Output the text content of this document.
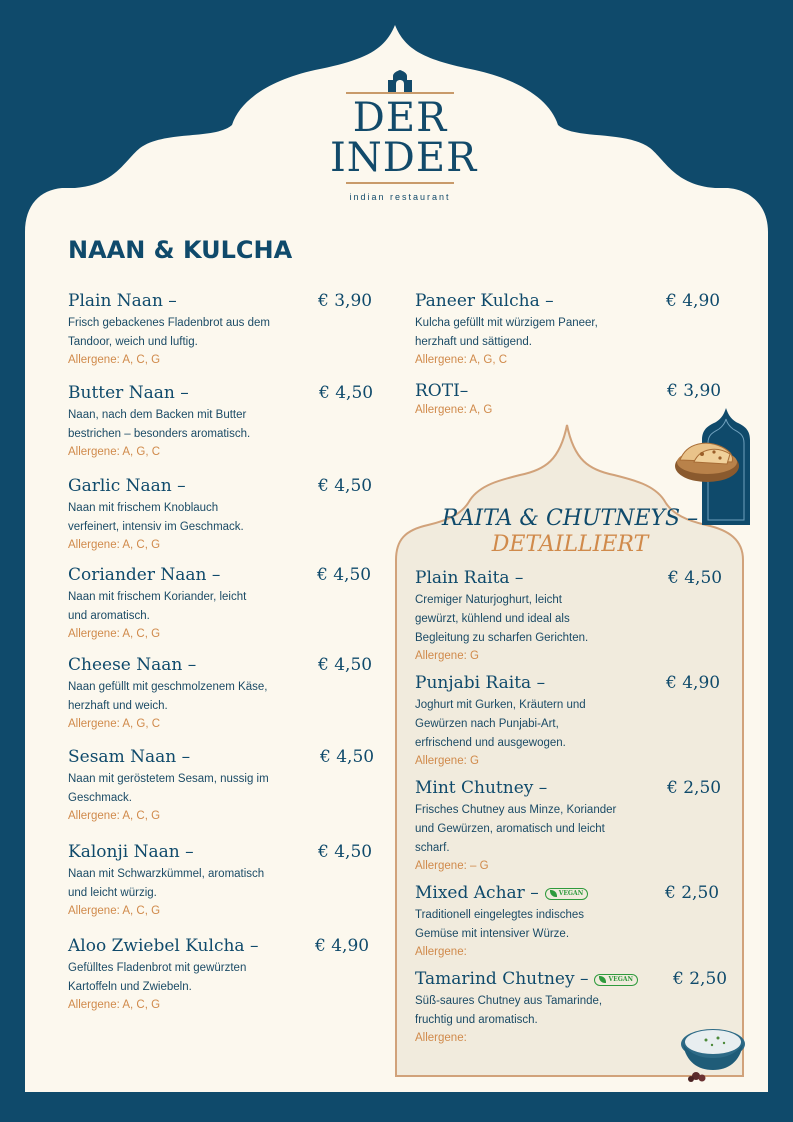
DER
INDER
indian restaurant
NAAN & KULCHA
Plain Naan –	€ 3,90
Frisch gebackenes Fladenbrot aus dem
Tandoor, weich und luftig.
Allergene: A, C, G
Butter Naan –	€ 4,50
Naan, nach dem Backen mit Butter
bestrichen – besonders aromatisch.
Allergene: A, G, C
Garlic Naan –	€ 4,50
Naan mit frischem Knoblauch
verfeinert, intensiv im Geschmack.
Allergene: A, C, G
Coriander Naan –	€ 4,50
Naan mit frischem Koriander, leicht
und aromatisch.
Allergene: A, C, G
Cheese Naan –	€ 4,50
Naan gefüllt mit geschmolzenem Käse,
herzhaft und weich.
Allergene: A, G, C
Sesam Naan –	€ 4,50
Naan mit geröstetem Sesam, nussig im
Geschmack.
Allergene: A, C, G
Kalonji Naan –	€ 4,50
Naan mit Schwarzkümmel, aromatisch
und leicht würzig.
Allergene: A, C, G
Aloo Zwiebel Kulcha –	€ 4,90
Gefülltes Fladenbrot mit gewürzten
Kartoffeln und Zwiebeln.
Allergene: A, C, G
Paneer Kulcha –	€ 4,90
Kulcha gefüllt mit würzigem Paneer,
herzhaft und sättigend.
Allergene: A, G, C
ROTI–	€ 3,90
Allergene: A, G
RAITA & CHUTNEYS –
DETAILLIERT
Plain Raita –	€ 4,50
Cremiger Naturjoghurt, leicht
gewürzt, kühlend und ideal als
Begleitung zu scharfen Gerichten.
Allergene: G
Punjabi Raita –	€ 4,90
Joghurt mit Gurken, Kräutern und
Gewürzen nach Punjabi-Art,
erfrischend und ausgewogen.
Allergene: G
Mint Chutney –	€ 2,50
Frisches Chutney aus Minze, Koriander
und Gewürzen, aromatisch und leicht
scharf.
Allergene: – G
Mixed Achar –	VEGAN	€ 2,50
Traditionell eingelegtes indisches
Gemüse mit intensiver Würze.
Allergene:
Tamarind Chutney –	VEGAN € 2,50
Süß-saures Chutney aus Tamarinde,
fruchtig und aromatisch.
Allergene:
